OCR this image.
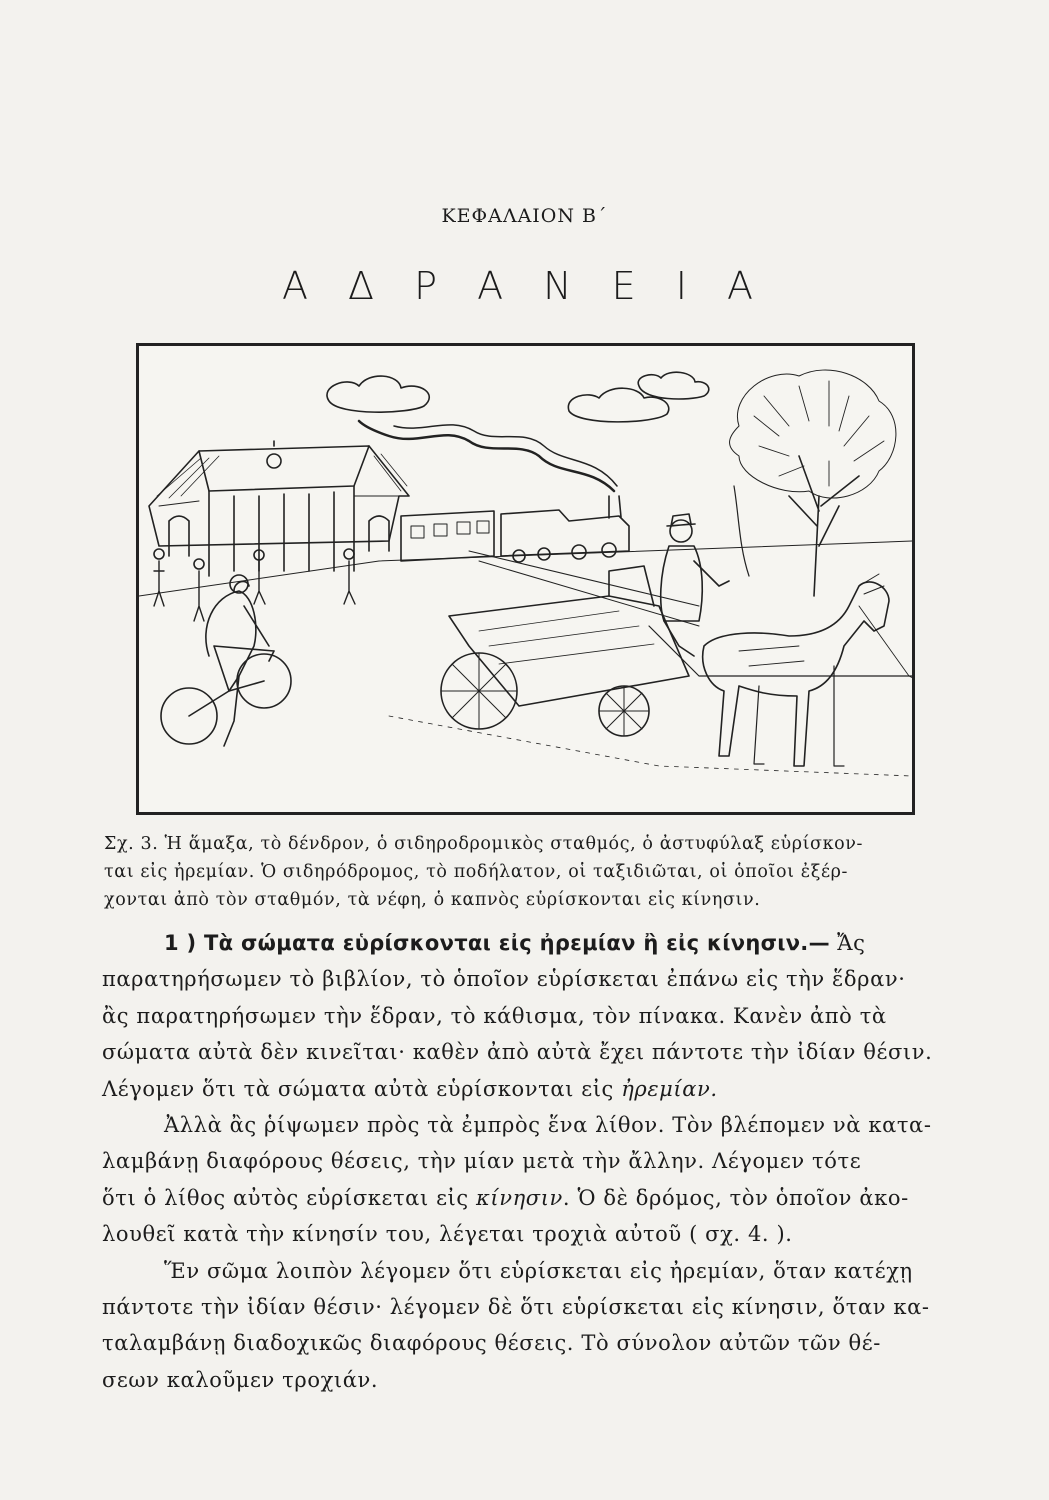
ΚΕΦΑΛΑΙΟΝ Β΄
Α Δ Ρ Α Ν Ε Ι Α
Σχ. 3. Ἡ ἅμαξα, τὸ δένδρον, ὁ σιδηροδρομικὸς σταθμός, ὁ ἀστυφύλαξ εὑρίσκον-
ται εἰς ἠρεμίαν. Ὁ σιδηρόδρομος, τὸ ποδήλατον, οἱ ταξιδιῶται, οἱ ὁποῖοι ἐξέρ-
χονται ἀπὸ τὸν σταθμόν, τὰ νέφη, ὁ καπνὸς εὑρίσκονται εἰς κίνησιν.
1 ) Τὰ σώματα εὑρίσκονται εἰς ἠρεμίαν ἢ εἰς κίνησιν.— Ἄς
παρατηρήσωμεν τὸ βιβλίον, τὸ ὁποῖον εὑρίσκεται ἐπάνω εἰς τὴν ἕδραν·
ἂς παρατηρήσωμεν τὴν ἕδραν, τὸ κάθισμα, τὸν πίνακα. Κανὲν ἀπὸ τὰ
σώματα αὐτὰ δὲν κινεῖται· καθὲν ἀπὸ αὐτὰ ἔχει πάντοτε τὴν ἰδίαν θέσιν.
Λέγομεν ὅτι τὰ σώματα αὐτὰ εὑρίσκονται εἰς ἠρεμίαν.
Ἀλλὰ ἂς ῥίψωμεν πρὸς τὰ ἐμπρὸς ἕνα λίθον. Τὸν βλέπομεν νὰ κατα-
λαμβάνῃ διαφόρους θέσεις, τὴν μίαν μετὰ τὴν ἄλλην. Λέγομεν τότε
ὅτι ὁ λίθος αὐτὸς εὑρίσκεται εἰς κίνησιν. Ὁ δὲ δρόμος, τὸν ὁποῖον ἀκο-
λουθεῖ κατὰ τὴν κίνησίν του, λέγεται τροχιὰ αὐτοῦ ( σχ. 4. ).
Ἕν σῶμα λοιπὸν λέγομεν ὅτι εὑρίσκεται εἰς ἠρεμίαν, ὅταν κατέχῃ
πάντοτε τὴν ἰδίαν θέσιν· λέγομεν δὲ ὅτι εὑρίσκεται εἰς κίνησιν, ὅταν κα-
ταλαμβάνῃ διαδοχικῶς διαφόρους θέσεις. Τὸ σύνολον αὐτῶν τῶν θέ-
σεων καλοῦμεν τροχιάν.
